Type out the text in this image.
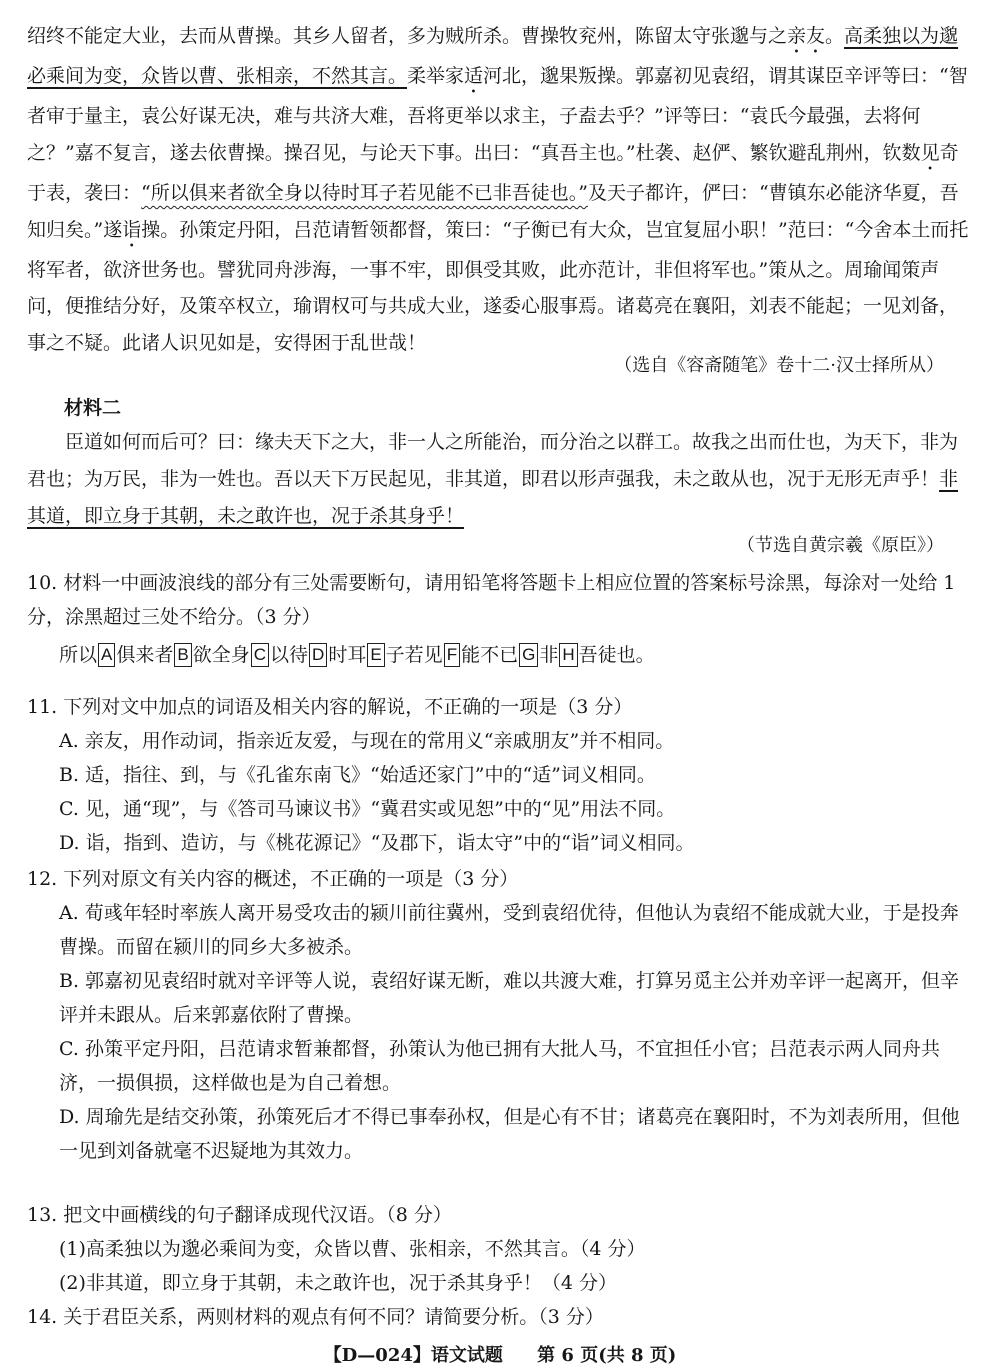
绍终不能定大业，去而从曹操。其乡人留者，多为贼所杀。曹操牧兖州，陈留太守张邈与之亲友。高柔独以为邈必乘间为变，众皆以曹、张相亲，不然其言。柔举家适河北，邈果叛操。郭嘉初见袁绍，谓其谋臣辛评等曰：“智者审于量主，袁公好谋无决，难与共济大难，吾将更举以求主，子盍去乎？”评等曰：“袁氏今最强，去将何之？”嘉不复言，遂去依曹操。操召见，与论天下事。出曰：“真吾主也。”杜袭、赵俨、繁钦避乱荆州，钦数见奇于表，袭曰：“所以俱来者欲全身以待时耳子若见能不已非吾徒也。”及天子都许，俨曰：“曹镇东必能济华夏，吾知归矣。”遂诣操。孙策定丹阳，吕范请暂领都督，策曰：“子衡已有大众，岂宜复屈小职！”范曰：“今舍本土而托将军者，欲济世务也。譬犹同舟涉海，一事不牢，即俱受其败，此亦范计，非但将军也。”策从之。周瑜闻策声问，便推结分好，及策卒权立，瑜谓权可与共成大业，遂委心服事焉。诸葛亮在襄阳，刘表不能起；一见刘备，事之不疑。此诸人识见如是，安得困于乱世哉！

（选自《容斋随笔》卷十二·汉士择所从）

材料二

臣道如何而后可？曰：缘夫天下之大，非一人之所能治，而分治之以群工。故我之出而仕也，为天下，非为君也；为万民，非为一姓也。吾以天下万民起见，非其道，即君以形声强我，未之敢从也，况于无形无声乎！非其道，即立身于其朝，未之敢许也，况于杀其身乎！

（节选自黄宗羲《原臣》）

10. 材料一中画波浪线的部分有三处需要断句，请用铅笔将答题卡上相应位置的答案标号涂黑，每涂对一处给 1 分，涂黑超过三处不给分。（3 分）
所以 A 俱来者 B 欲全身 C 以待 D 时耳 E 子若见 F 能不已 G 非 H 吾徒也。
11. 下列对文中加点的词语及相关内容的解说，不正确的一项是（3 分）
A. 亲友，用作动词，指亲近友爱，与现在的常用义“亲戚朋友”并不相同。
B. 适，指往、到，与《孔雀东南飞》“始适还家门”中的“适”词义相同。
C. 见，通“现”，与《答司马谏议书》“冀君实或见恕”中的“见”用法不同。
D. 诣，指到、造访，与《桃花源记》“及郡下，诣太守”中的“诣”词义相同。
12. 下列对原文有关内容的概述，不正确的一项是（3 分）
A. 荀彧年轻时率族人离开易受攻击的颍川前往冀州，受到袁绍优待，但他认为袁绍不能成就大业，于是投奔曹操。而留在颍川的同乡大多被杀。
B. 郭嘉初见袁绍时就对辛评等人说，袁绍好谋无断，难以共渡大难，打算另觅主公并劝辛评一起离开，但辛评并未跟从。后来郭嘉依附了曹操。
C. 孙策平定丹阳，吕范请求暂兼都督，孙策认为他已拥有大批人马，不宜担任小官；吕范表示两人同舟共济，一损俱损，这样做也是为自己着想。
D. 周瑜先是结交孙策，孙策死后才不得已事奉孙权，但是心有不甘；诸葛亮在襄阳时，不为刘表所用，但他一见到刘备就毫不迟疑地为其效力。
13. 把文中画横线的句子翻译成现代汉语。（8 分）
(1)高柔独以为邈必乘间为变，众皆以曹、张相亲，不然其言。（4 分）
(2)非其道，即立身于其朝，未之敢许也，况于杀其身乎！（4 分）
14. 关于君臣关系，两则材料的观点有何不同？请简要分析。（3 分）
【D—024】语文试题 第 6 页(共 8 页)
